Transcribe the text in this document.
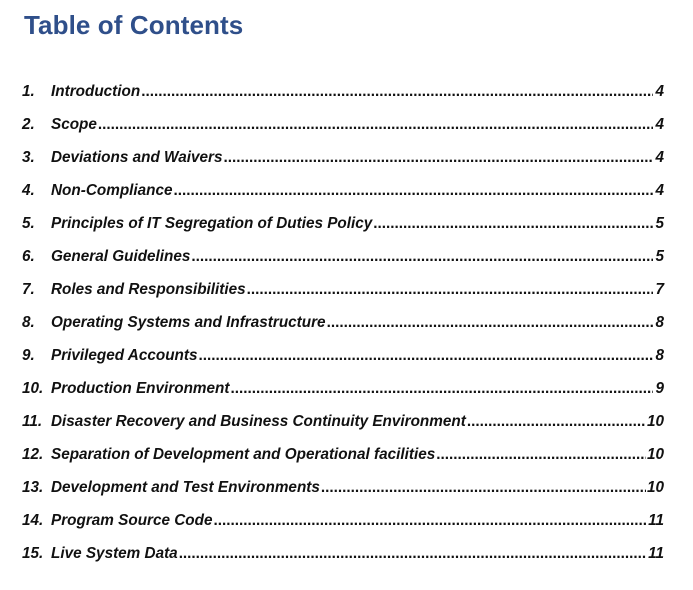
Table of Contents
1.	Introduction .....	4
2.	Scope .....	4
3.	Deviations and Waivers .....	4
4.	Non-Compliance .....	4
5.	Principles of IT Segregation of Duties Policy .....	5
6.	General Guidelines .....	5
7.	Roles and Responsibilities .....	7
8.	Operating Systems and Infrastructure .....	8
9.	Privileged Accounts .....	8
10. Production Environment .....	9
11. Disaster Recovery and Business Continuity Environment .....	10
12. Separation of Development and Operational facilities .....	10
13. Development and Test Environments .....	10
14. Program Source Code .....	11
15. Live System Data .....	11
